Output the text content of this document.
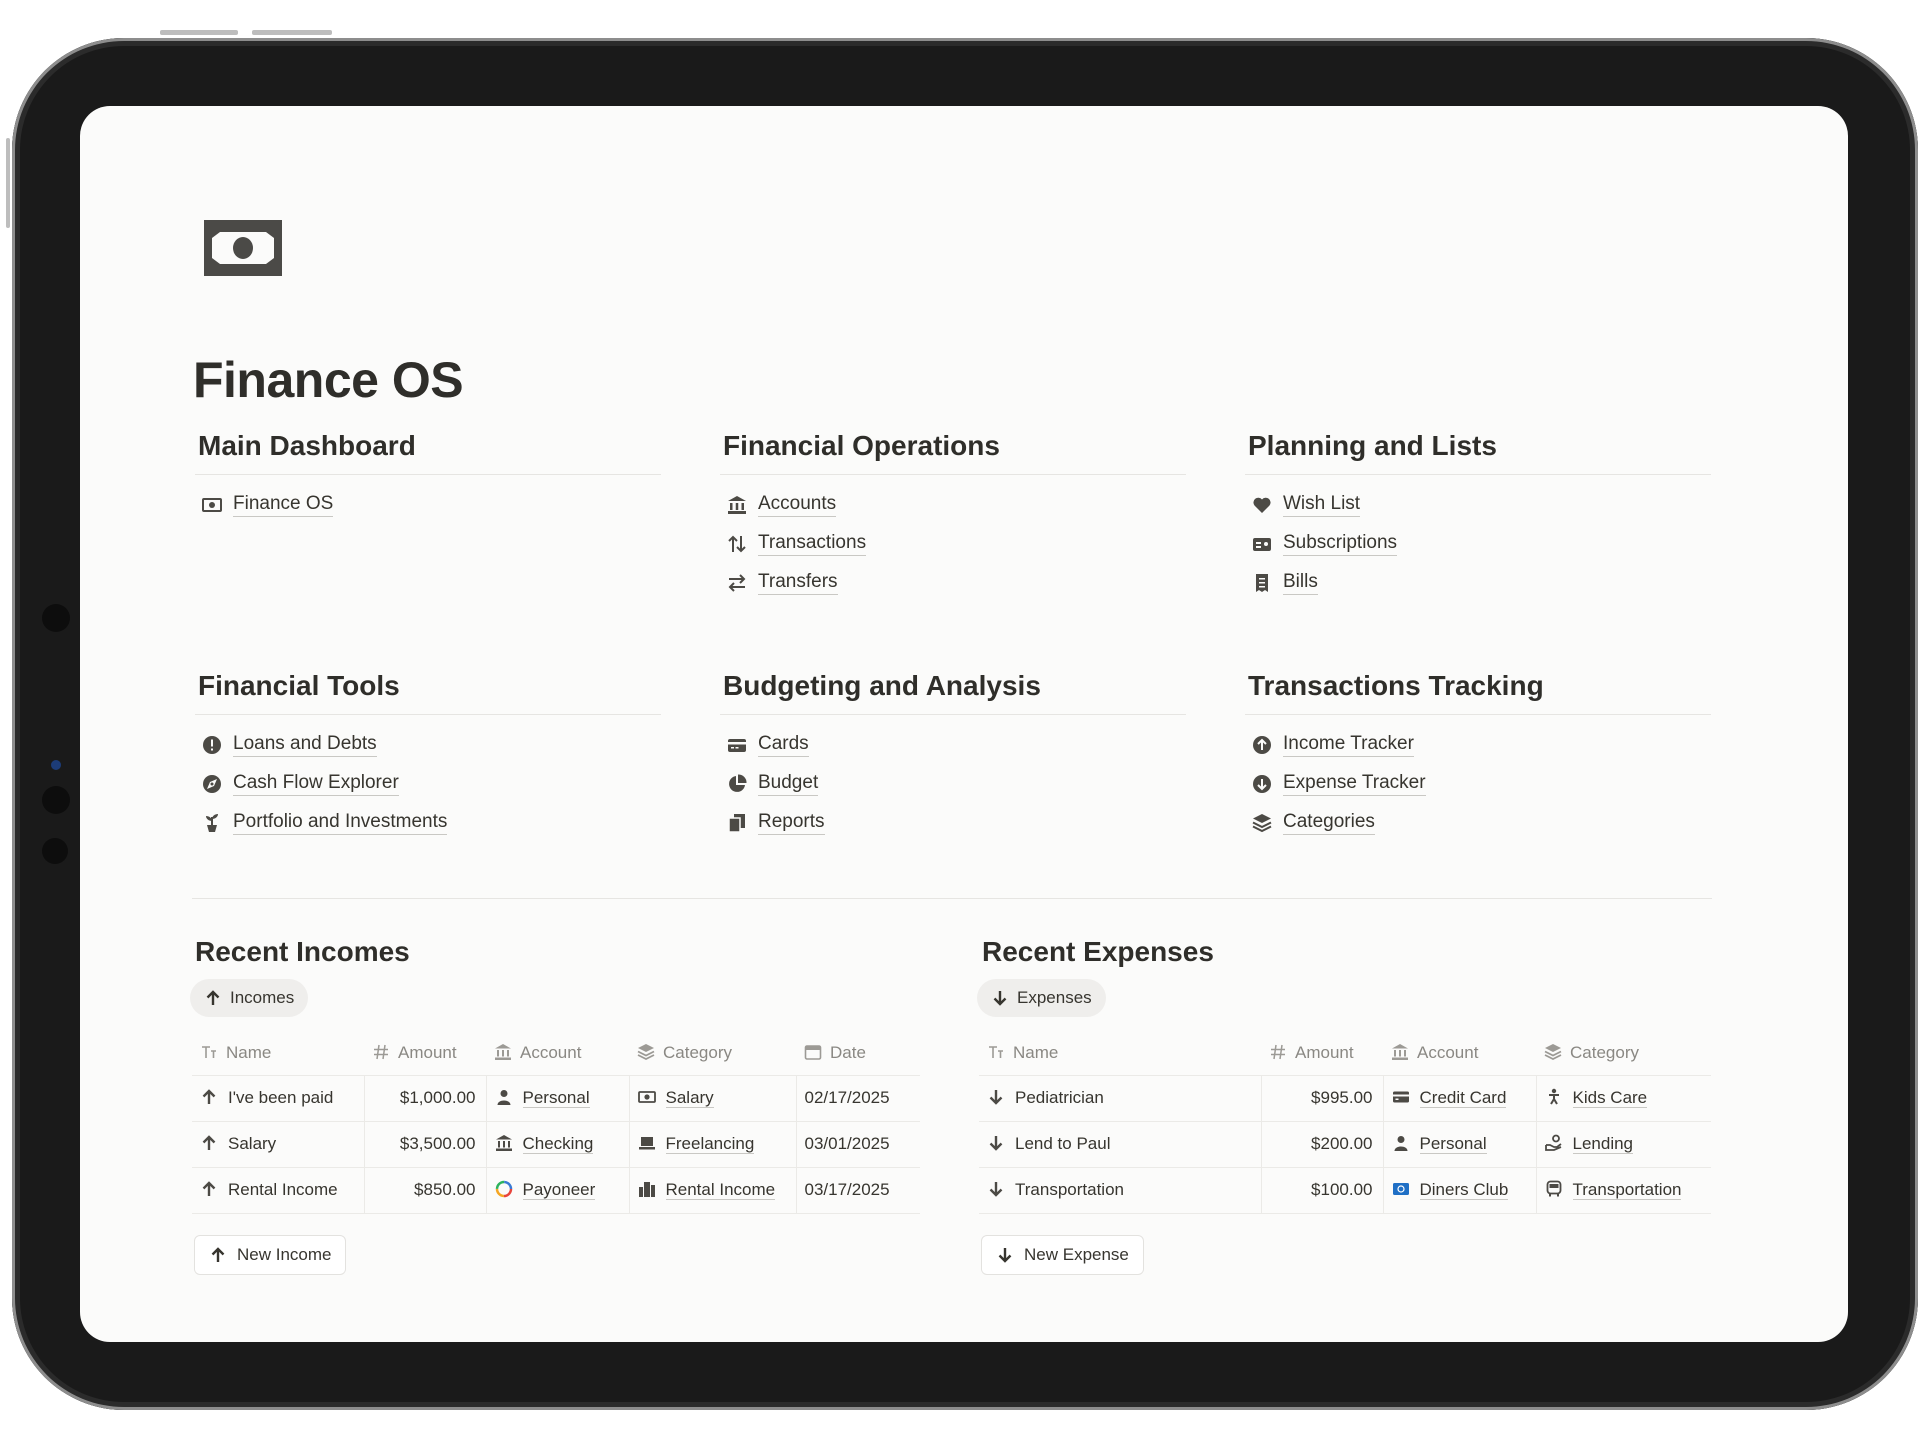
Finance OS
Main Dashboard
Finance OS
Financial Operations
Accounts
Transactions
Transfers
Planning and Lists
Wish List
Subscriptions
Bills
Financial Tools
Loans and Debts
Cash Flow Explorer
Portfolio and Investments
Budgeting and Analysis
Cards
Budget
Reports
Transactions Tracking
Income Tracker
Expense Tracker
Categories
Recent Incomes
Incomes
Name	Amount	Account	Category	Date
I've been paid	$1,000.00	Personal	Salary	02/17/2025
Salary	$3,500.00	Checking	Freelancing	03/01/2025
Rental Income	$850.00	Payoneer	Rental Income	03/17/2025
New Income
Recent Expenses
Expenses
Name	Amount	Account	Category
Pediatrician	$995.00	Credit Card	Kids Care
Lend to Paul	$200.00	Personal	Lending
Transportation	$100.00	Diners Club	Transportation
New Expense
